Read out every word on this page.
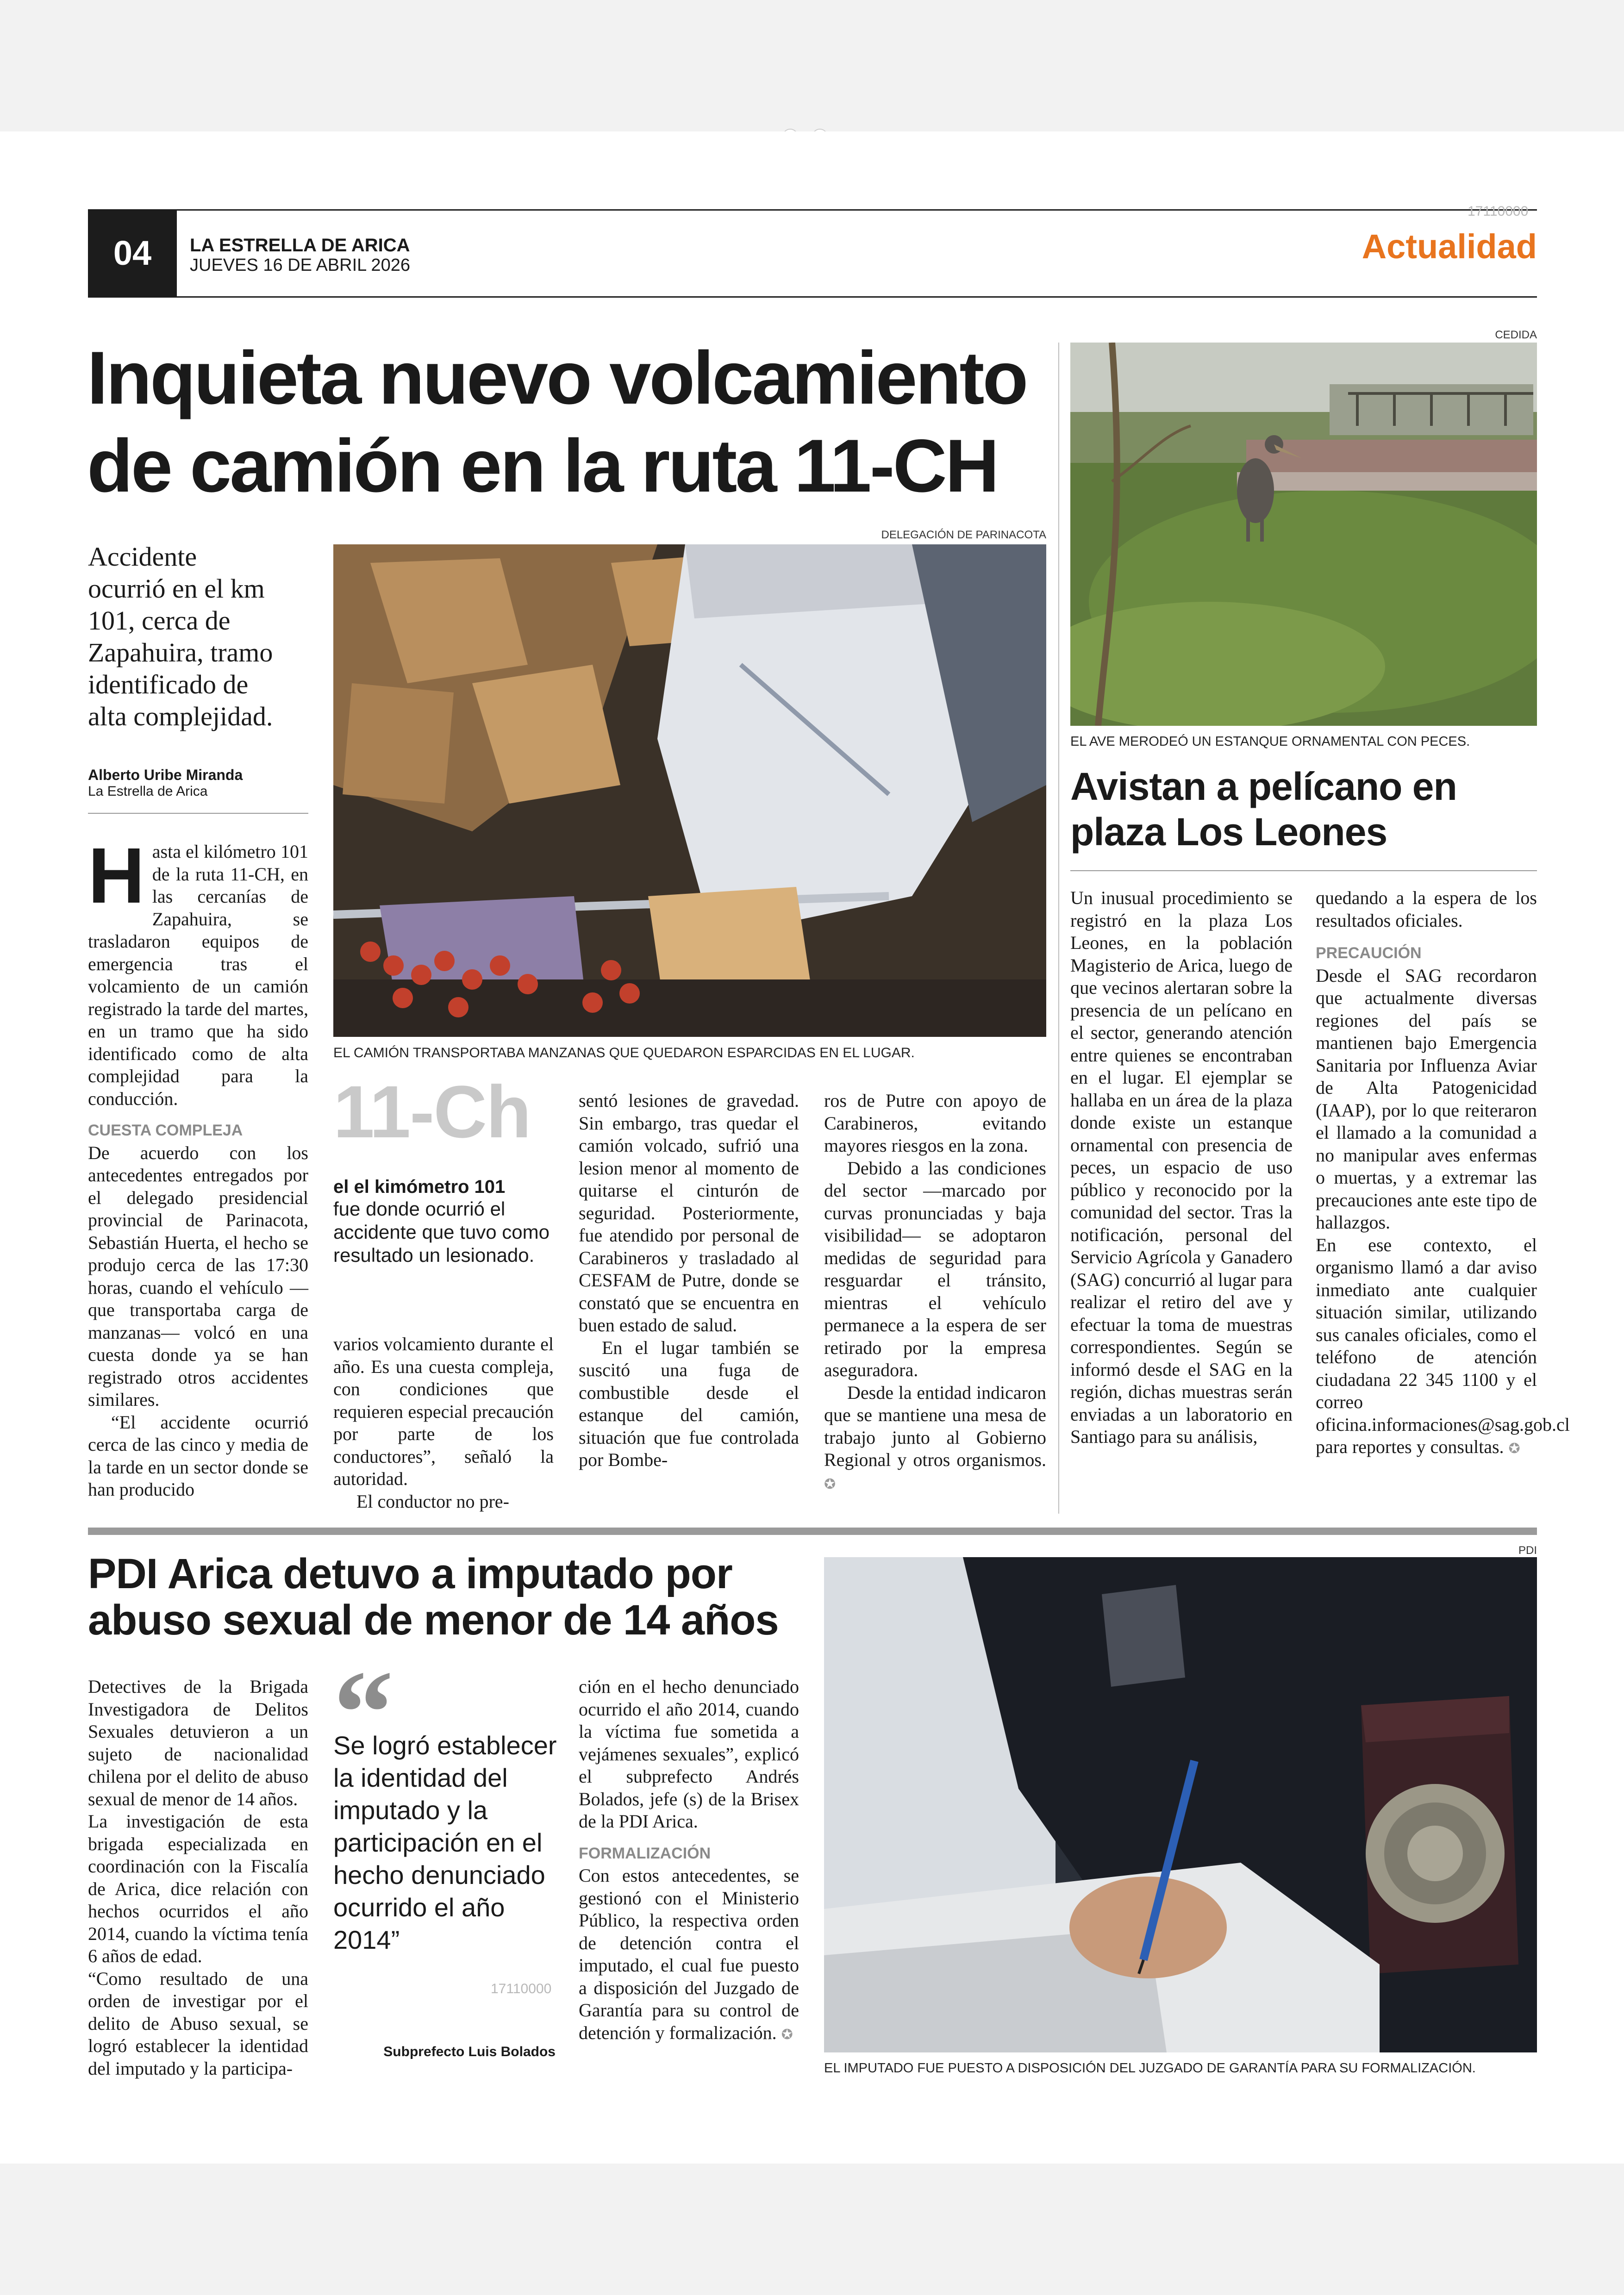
04	LA ESTRELLA DE ARICA
JUEVES 16 DE ABRIL 2026
17110000
Actualidad
Inquieta nuevo volcamiento
de camión en la ruta 11-CH
Accidente
ocurrió en el km
101, cerca de
Zapahuira, tramo
identificado de
alta complejidad.
Alberto Uribe Miranda
La Estrella de Arica
DELEGACIÓN DE PARINACOTA
EL CAMIÓN TRANSPORTABA MANZANAS QUE QUEDARON ESPARCIDAS EN EL LUGAR.

Hasta el kilómetro 101 de la ruta 11-CH, en las cercanías de Zapahuira, se trasladaron equipos de emergencia tras el volcamiento de un camión registrado la tarde del martes, en un tramo que ha sido identificado como de alta complejidad para la conducción.

CUESTA COMPLEJA

De acuerdo con los antecedentes entregados por el delegado presidencial provincial de Parinacota, Sebastián Huerta, el hecho se produjo cerca de las 17:30 horas, cuando el vehículo —que transportaba carga de manzanas— volcó en una cuesta donde ya se han registrado otros accidentes similares.

“El accidente ocurrió cerca de las cinco y media de la tarde en un sector donde se han producido

11-Ch
el el kimómetro 101
fue donde ocurrió el accidente que tuvo como resultado un lesionado.

varios volcamiento durante el año. Es una cuesta compleja, con condiciones que requieren especial precaución por parte de los conductores”, señaló la autoridad.

El conductor no pre-

sentó lesiones de gravedad. Sin embargo, tras quedar el camión volcado, sufrió una lesion menor al momento de quitarse el cinturón de seguridad. Posteriormente, fue atendido por personal de Carabineros y trasladado al CESFAM de Putre, donde se constató que se encuentra en buen estado de salud.

En el lugar también se suscitó una fuga de combustible desde el estanque del camión, situación que fue controlada por Bombe-

ros de Putre con apoyo de Carabineros, evitando mayores riesgos en la zona.

Debido a las condiciones del sector —marcado por curvas pronunciadas y baja visibilidad— se adoptaron medidas de seguridad para resguardar el tránsito, mientras el vehículo permanece a la espera de ser retirado por la empresa aseguradora.

Desde la entidad indicaron que se mantiene una mesa de trabajo junto al Gobierno Regional y otros organismos. ✪

CEDIDA
EL AVE MERODEÓ UN ESTANQUE ORNAMENTAL CON PECES.
Avistan a pelícano en
plaza Los Leones

Un inusual procedimiento se registró en la plaza Los Leones, en la población Magisterio de Arica, luego de que vecinos alertaran sobre la presencia de un pelícano en el sector, generando atención entre quienes se encontraban en el lugar. El ejemplar se hallaba en un área de la plaza donde existe un estanque ornamental con presencia de peces, un espacio de uso público y reconocido por la comunidad del sector. Tras la notificación, personal del Servicio Agrícola y Ganadero (SAG) concurrió al lugar para realizar el retiro del ave y efectuar la toma de muestras correspondientes. Según se informó desde el SAG en la región, dichas muestras serán enviadas a un laboratorio en Santiago para su análisis,

quedando a la espera de los resultados oficiales.

PRECAUCIÓN

Desde el SAG recordaron que actualmente diversas regiones del país se mantienen bajo Emergencia Sanitaria por Influenza Aviar de Alta Patogenicidad (IAAP), por lo que reiteraron el llamado a la comunidad a no manipular aves enfermas o muertas, y a extremar las precauciones ante este tipo de hallazgos.

En ese contexto, el organismo llamó a dar aviso inmediato ante cualquier situación similar, utilizando sus canales oficiales, como el teléfono de atención ciudadana 22 345 1100 y el correo oficina.informaciones@sag.gob.cl para reportes y consultas. ✪

PDI Arica detuvo a imputado por
abuso sexual de menor de 14 años

Detectives de la Brigada Investigadora de Delitos Sexuales detuvieron a un sujeto de nacionalidad chilena por el delito de abuso sexual de menor de 14 años.

La investigación de esta brigada especializada en coordinación con la Fiscalía de Arica, dice relación con hechos ocurridos el año 2014, cuando la víctima tenía 6 años de edad.

“Como resultado de una orden de investigar por el delito de Abuso sexual, se logró establecer la identidad del imputado y la participa-

“
Se logró establecer la identidad del imputado y la participación en el hecho denunciado ocurrido el año 2014”
Subprefecto Luis Bolados
17110000

ción en el hecho denunciado ocurrido el año 2014, cuando la víctima fue sometida a vejámenes sexuales”, explicó el subprefecto Andrés Bolados, jefe (s) de la Brisex de la PDI Arica.

FORMALIZACIÓN

Con estos antecedentes, se gestionó con el Ministerio Público, la respectiva orden de detención contra el imputado, el cual fue puesto a disposición del Juzgado de Garantía para su control de detención y formalización. ✪

PDI
EL IMPUTADO FUE PUESTO A DISPOSICIÓN DEL JUZGADO DE GARANTÍA PARA SU FORMALIZACIÓN.
